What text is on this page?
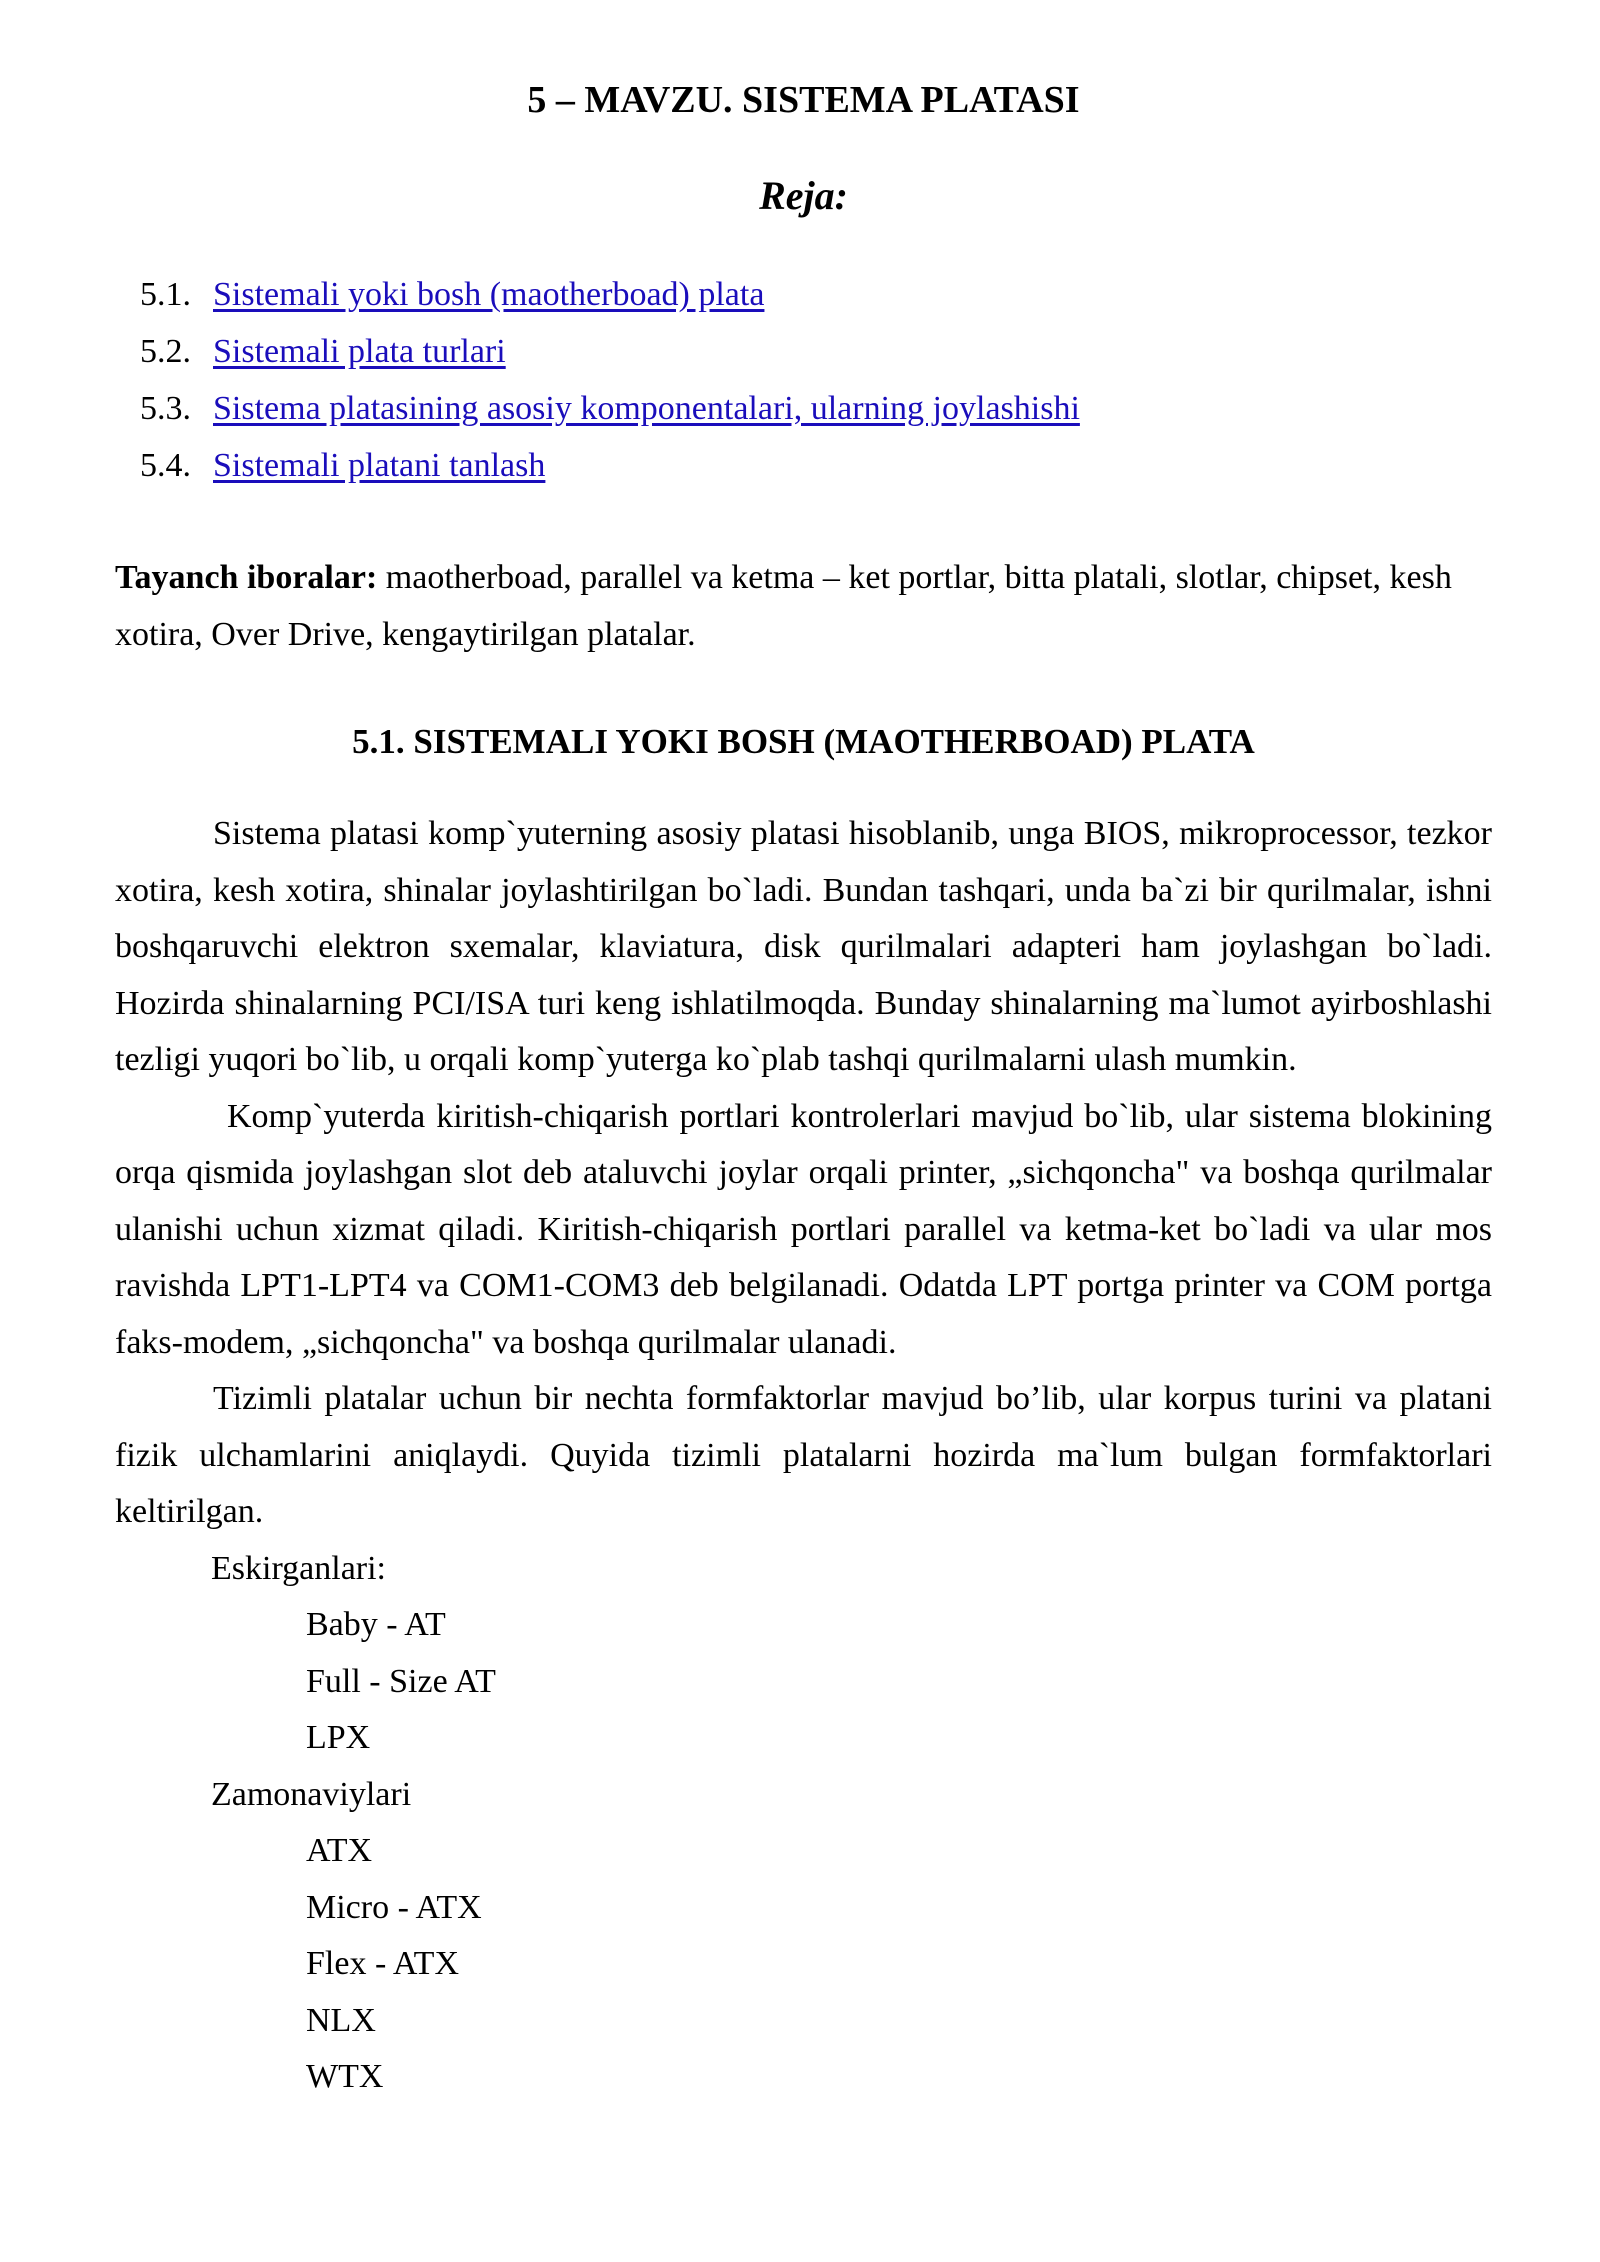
5 – MAVZU. SISTEMA PLATASI
Reja:
5.1. Sistemali yoki bosh (maotherboad) plata
5.2. Sistemali plata turlari
5.3. Sistema platasining asosiy komponentalari, ularning joylashishi
5.4. Sistemali platani tanlash
Tayanch iboralar: maotherboad, parallel va ketma – ket portlar, bitta platali, slotlar, chipset, kesh xotira, Over Drive, kengaytirilgan platalar.
5.1. SISTEMALI YOKI BOSH (MAOTHERBOAD) PLATA

Sistema platasi komp`yuterning asosiy platasi hisoblanib, unga BIOS, mikroprocessor, tezkor xotira, kesh xotira, shinalar joylashtirilgan bo`ladi. Bundan tashqari, unda ba`zi bir qurilmalar, ishni boshqaruvchi elektron sxemalar, klaviatura, disk qurilmalari adapteri ham joylashgan bo`ladi. Hozirda shinalarning PCI/ISA turi keng ishlatilmoqda. Bunday shinalarning ma`lumot ayirboshlashi tezligi yuqori bo`lib, u orqali komp`yuterga ko`plab tashqi qurilmalarni ulash mumkin.

Komp`yuterda kiritish-chiqarish portlari kontrolerlari mavjud bo`lib, ular sistema blokining orqa qismida joylashgan slot deb ataluvchi joylar orqali printer, „sichqoncha" va boshqa qurilmalar ulanishi uchun xizmat qiladi. Kiritish-chiqarish portlari parallel va ketma-ket bo`ladi va ular mos ravishda LPT1-LPT4 va COM1-COM3 deb belgilanadi. Odatda LPT portga printer va COM portga faks-modem, „sichqoncha" va boshqa qurilmalar ulanadi.

Tizimli platalar uchun bir nechta formfaktorlar mavjud bo’lib, ular korpus turini va platani fizik ulchamlarini aniqlaydi. Quyida tizimli platalarni hozirda ma`lum bulgan formfaktorlari keltirilgan.

Eskirganlari:
Baby - AT
Full - Size AT
LPX
Zamonaviylari
ATX
Micro - ATX
Flex - ATX
NLX
WTX
